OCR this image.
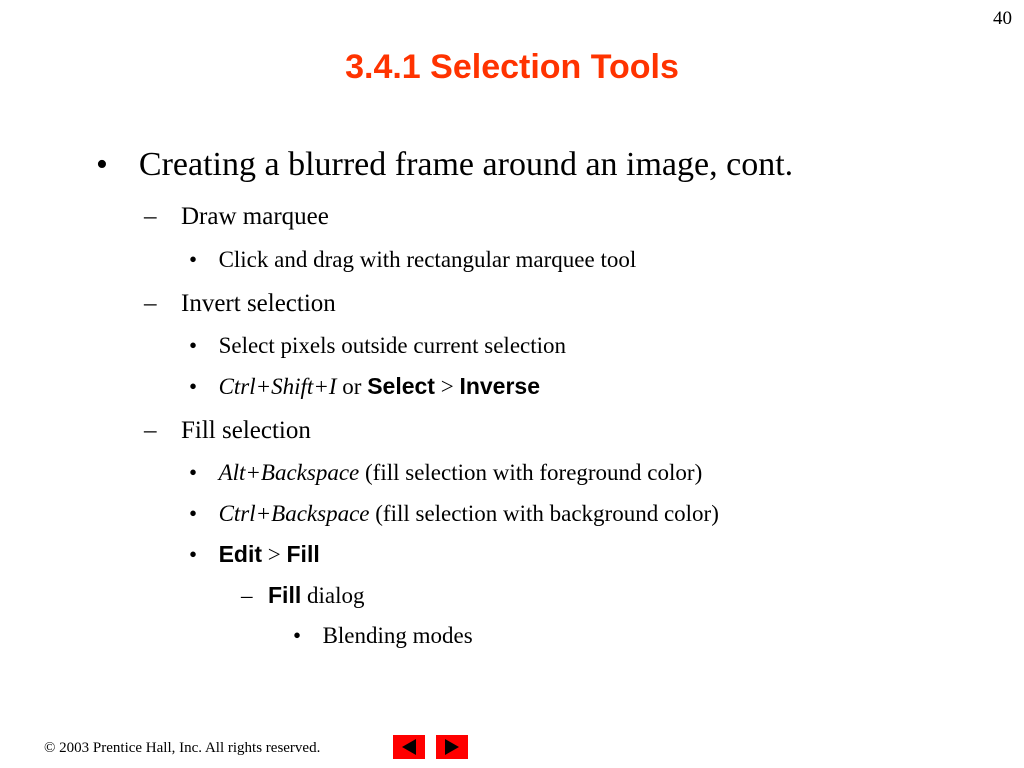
40
3.4.1 Selection Tools
• Creating a blurred frame around an image, cont.
– Draw marquee
• Click and drag with rectangular marquee tool
– Invert selection
• Select pixels outside current selection
• Ctrl+Shift+I or Select > Inverse
– Fill selection
• Alt+Backspace (fill selection with foreground color)
• Ctrl+Backspace (fill selection with background color)
• Edit > Fill
– Fill dialog
• Blending modes
© 2003 Prentice Hall, Inc. All rights reserved.
